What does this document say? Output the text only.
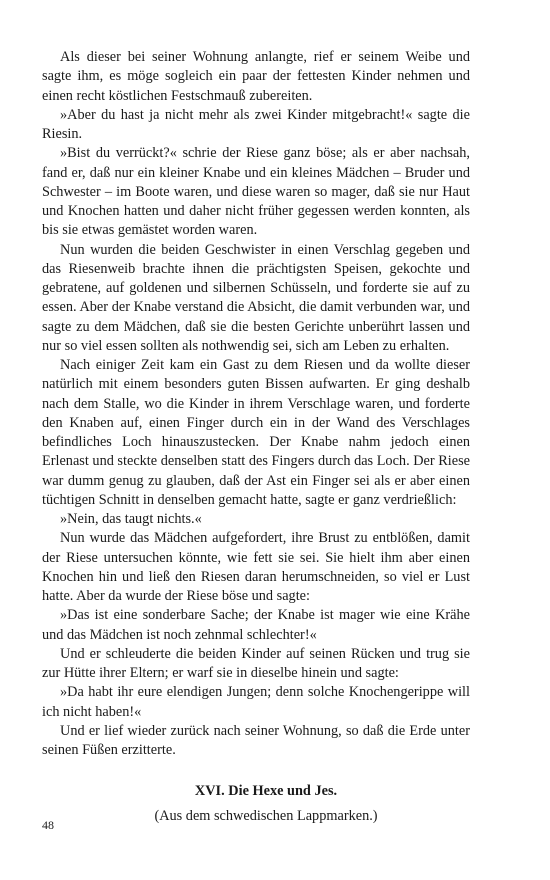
Als dieser bei seiner Wohnung anlangte, rief er seinem Weibe und sagte ihm, es möge sogleich ein paar der fettesten Kinder nehmen und einen recht köstlichen Festschmauß zubereiten.

»Aber du hast ja nicht mehr als zwei Kinder mitgebracht!« sagte die Riesin.

»Bist du verrückt?« schrie der Riese ganz böse; als er aber nachsah, fand er, daß nur ein kleiner Knabe und ein kleines Mädchen – Bruder und Schwester – im Boote waren, und diese waren so mager, daß sie nur Haut und Knochen hatten und daher nicht früher gegessen werden konnten, als bis sie etwas gemästet worden waren.

Nun wurden die beiden Geschwister in einen Verschlag gegeben und das Riesenweib brachte ihnen die prächtigsten Speisen, gekochte und gebratene, auf goldenen und silbernen Schüsseln, und forderte sie auf zu essen. Aber der Knabe verstand die Absicht, die damit verbunden war, und sagte zu dem Mädchen, daß sie die besten Gerichte unberührt lassen und nur so viel essen sollten als nothwendig sei, sich am Leben zu erhalten.

Nach einiger Zeit kam ein Gast zu dem Riesen und da wollte dieser natürlich mit einem besonders guten Bissen aufwarten. Er ging deshalb nach dem Stalle, wo die Kinder in ihrem Verschlage waren, und forderte den Knaben auf, einen Finger durch ein in der Wand des Verschlages befindliches Loch hinauszustecken. Der Knabe nahm jedoch einen Erlenast und steckte denselben statt des Fingers durch das Loch. Der Riese war dumm genug zu glauben, daß der Ast ein Finger sei als er aber einen tüchtigen Schnitt in denselben gemacht hatte, sagte er ganz verdrießlich:

»Nein, das taugt nichts.«

Nun wurde das Mädchen aufgefordert, ihre Brust zu entblößen, damit der Riese untersuchen könnte, wie fett sie sei. Sie hielt ihm aber einen Knochen hin und ließ den Riesen daran herumschneiden, so viel er Lust hatte. Aber da wurde der Riese böse und sagte:

»Das ist eine sonderbare Sache; der Knabe ist mager wie eine Krähe und das Mädchen ist noch zehnmal schlechter!«

Und er schleuderte die beiden Kinder auf seinen Rücken und trug sie zur Hütte ihrer Eltern; er warf sie in dieselbe hinein und sagte:

»Da habt ihr eure elendigen Jungen; denn solche Knochengerippe will ich nicht haben!«

Und er lief wieder zurück nach seiner Wohnung, so daß die Erde unter seinen Füßen erzitterte.

XVI. Die Hexe und Jes.

(Aus dem schwedischen Lappmarken.)

48
